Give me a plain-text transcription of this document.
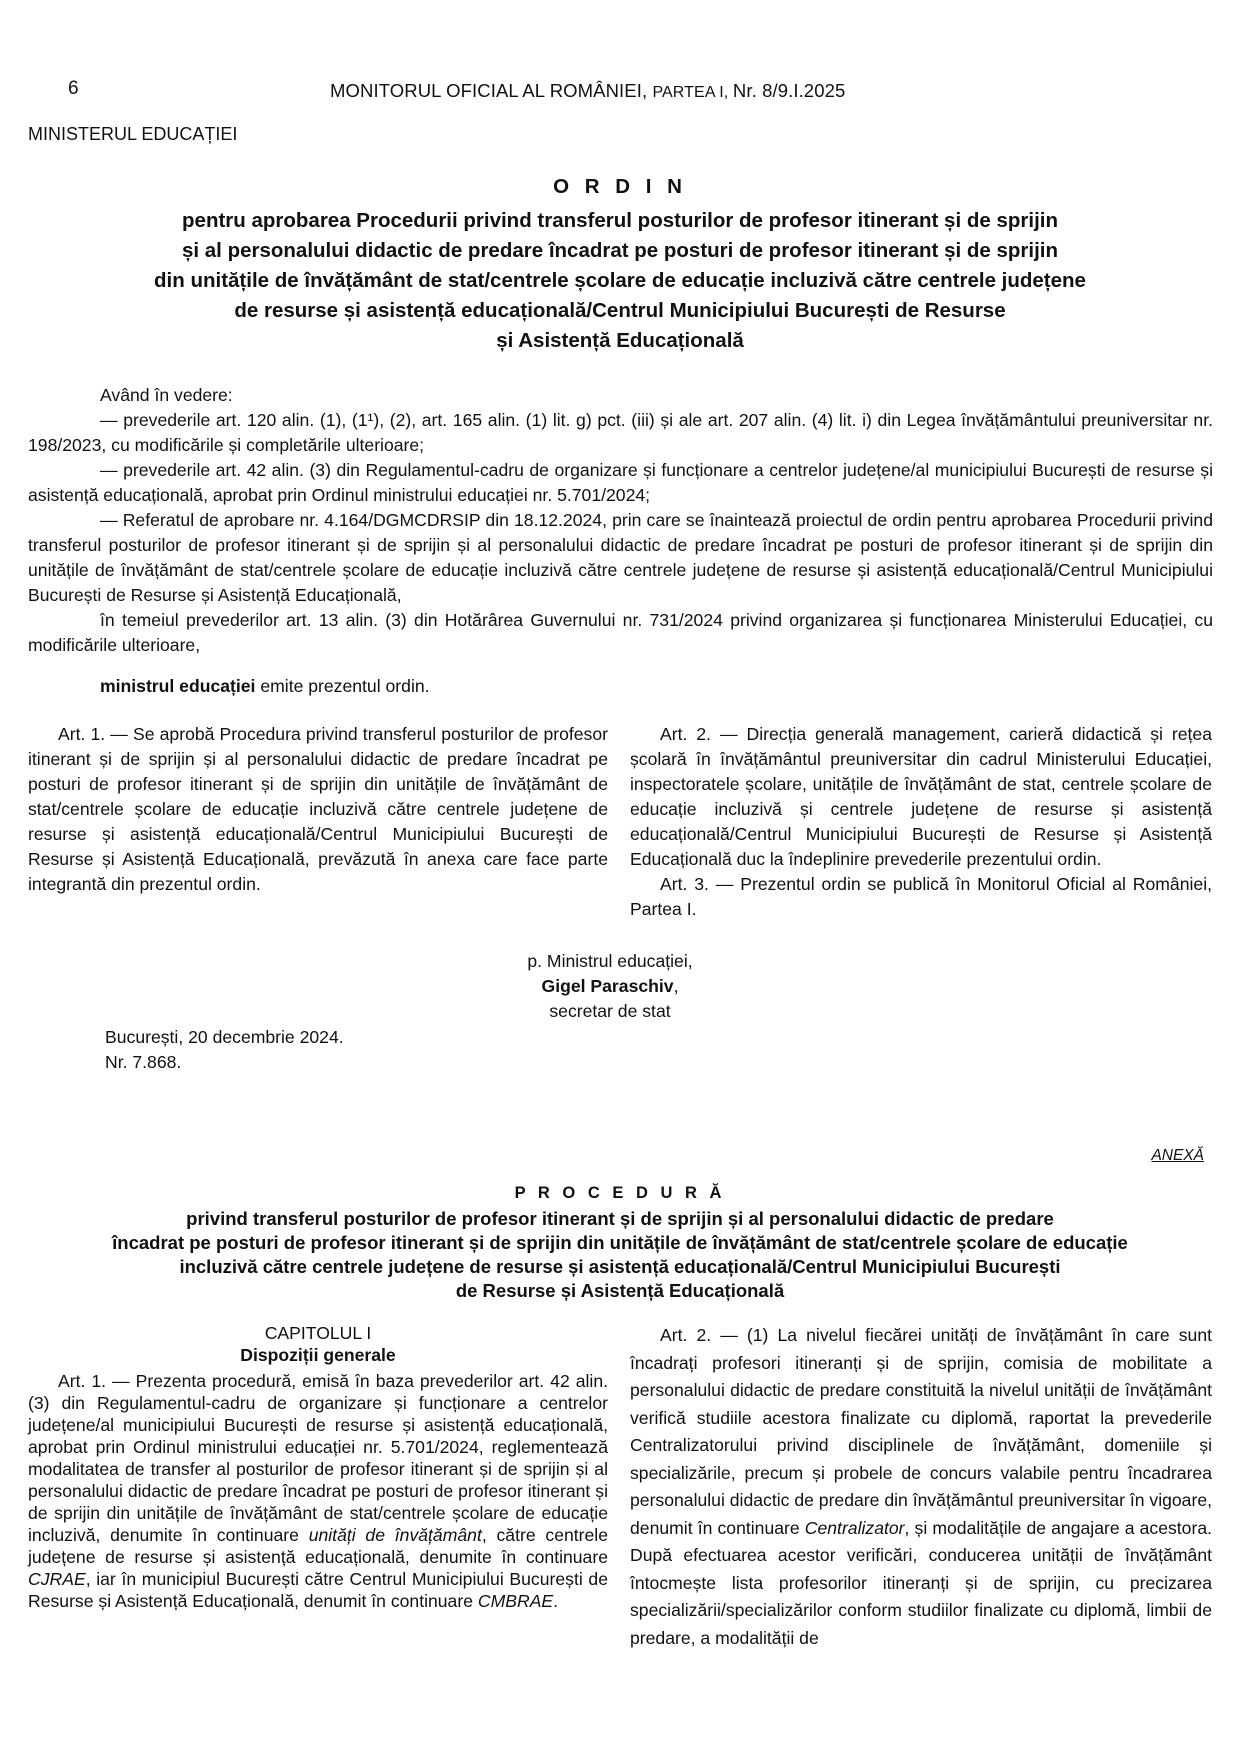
6	MONITORUL OFICIAL AL ROMÂNIEI, PARTEA I, Nr. 8/9.I.2025
MINISTERUL EDUCAȚIEI
O R D I N
pentru aprobarea Procedurii privind transferul posturilor de profesor itinerant și de sprijin
și al personalului didactic de predare încadrat pe posturi de profesor itinerant și de sprijin
din unitățile de învățământ de stat/centrele școlare de educație incluzivă către centrele județene
de resurse și asistență educațională/Centrul Municipiului București de Resurse
și Asistență Educațională

Având în vedere:

— prevederile art. 120 alin. (1), (1¹), (2), art. 165 alin. (1) lit. g) pct. (iii) și ale art. 207 alin. (4) lit. i) din Legea învățământului preuniversitar nr. 198/2023, cu modificările și completările ulterioare;

— prevederile art. 42 alin. (3) din Regulamentul-cadru de organizare și funcționare a centrelor județene/al municipiului București de resurse și asistență educațională, aprobat prin Ordinul ministrului educației nr. 5.701/2024;

— Referatul de aprobare nr. 4.164/DGMCDRSIP din 18.12.2024, prin care se înaintează proiectul de ordin pentru aprobarea Procedurii privind transferul posturilor de profesor itinerant și de sprijin și al personalului didactic de predare încadrat pe posturi de profesor itinerant și de sprijin din unitățile de învățământ de stat/centrele școlare de educație incluzivă către centrele județene de resurse și asistență educațională/Centrul Municipiului București de Resurse și Asistență Educațională,

în temeiul prevederilor art. 13 alin. (3) din Hotărârea Guvernului nr. 731/2024 privind organizarea și funcționarea Ministerului Educației, cu modificările ulterioare,

ministrul educației emite prezentul ordin.

Art. 1. — Se aprobă Procedura privind transferul posturilor de profesor itinerant și de sprijin și al personalului didactic de predare încadrat pe posturi de profesor itinerant și de sprijin din unitățile de învățământ de stat/centrele școlare de educație incluzivă către centrele județene de resurse și asistență educațională/Centrul Municipiului București de Resurse și Asistență Educațională, prevăzută în anexa care face parte integrantă din prezentul ordin.

Art. 2. — Direcția generală management, carieră didactică și rețea școlară în învățământul preuniversitar din cadrul Ministerului Educației, inspectoratele școlare, unitățile de învățământ de stat, centrele școlare de educație incluzivă și centrele județene de resurse și asistență educațională/Centrul Municipiului București de Resurse și Asistență Educațională duc la îndeplinire prevederile prezentului ordin.

Art. 3. — Prezentul ordin se publică în Monitorul Oficial al României, Partea I.

p. Ministrul educației,
Gigel Paraschiv,
secretar de stat
București, 20 decembrie 2024.
Nr. 7.868.
ANEXĂ
P R O C E D U R Ă
privind transferul posturilor de profesor itinerant și de sprijin și al personalului didactic de predare
încadrat pe posturi de profesor itinerant și de sprijin din unitățile de învățământ de stat/centrele școlare de educație
incluzivă către centrele județene de resurse și asistență educațională/Centrul Municipiului București
de Resurse și Asistență Educațională
CAPITOLUL I
Dispoziții generale

Art. 1. — Prezenta procedură, emisă în baza prevederilor art. 42 alin. (3) din Regulamentul-cadru de organizare și funcționare a centrelor județene/al municipiului București de resurse și asistență educațională, aprobat prin Ordinul ministrului educației nr. 5.701/2024, reglementează modalitatea de transfer al posturilor de profesor itinerant și de sprijin și al personalului didactic de predare încadrat pe posturi de profesor itinerant și de sprijin din unitățile de învățământ de stat/centrele școlare de educație incluzivă, denumite în continuare unități de învățământ, către centrele județene de resurse și asistență educațională, denumite în continuare CJRAE, iar în municipiul București către Centrul Municipiului București de Resurse și Asistență Educațională, denumit în continuare CMBRAE.

Art. 2. — (1) La nivelul fiecărei unități de învățământ în care sunt încadrați profesori itineranți și de sprijin, comisia de mobilitate a personalului didactic de predare constituită la nivelul unității de învățământ verifică studiile acestora finalizate cu diplomă, raportat la prevederile Centralizatorului privind disciplinele de învățământ, domeniile și specializările, precum și probele de concurs valabile pentru încadrarea personalului didactic de predare din învățământul preuniversitar în vigoare, denumit în continuare Centralizator, și modalitățile de angajare a acestora. După efectuarea acestor verificări, conducerea unității de învățământ întocmește lista profesorilor itineranți și de sprijin, cu precizarea specializării/specializărilor conform studiilor finalizate cu diplomă, limbii de predare, a modalității de
